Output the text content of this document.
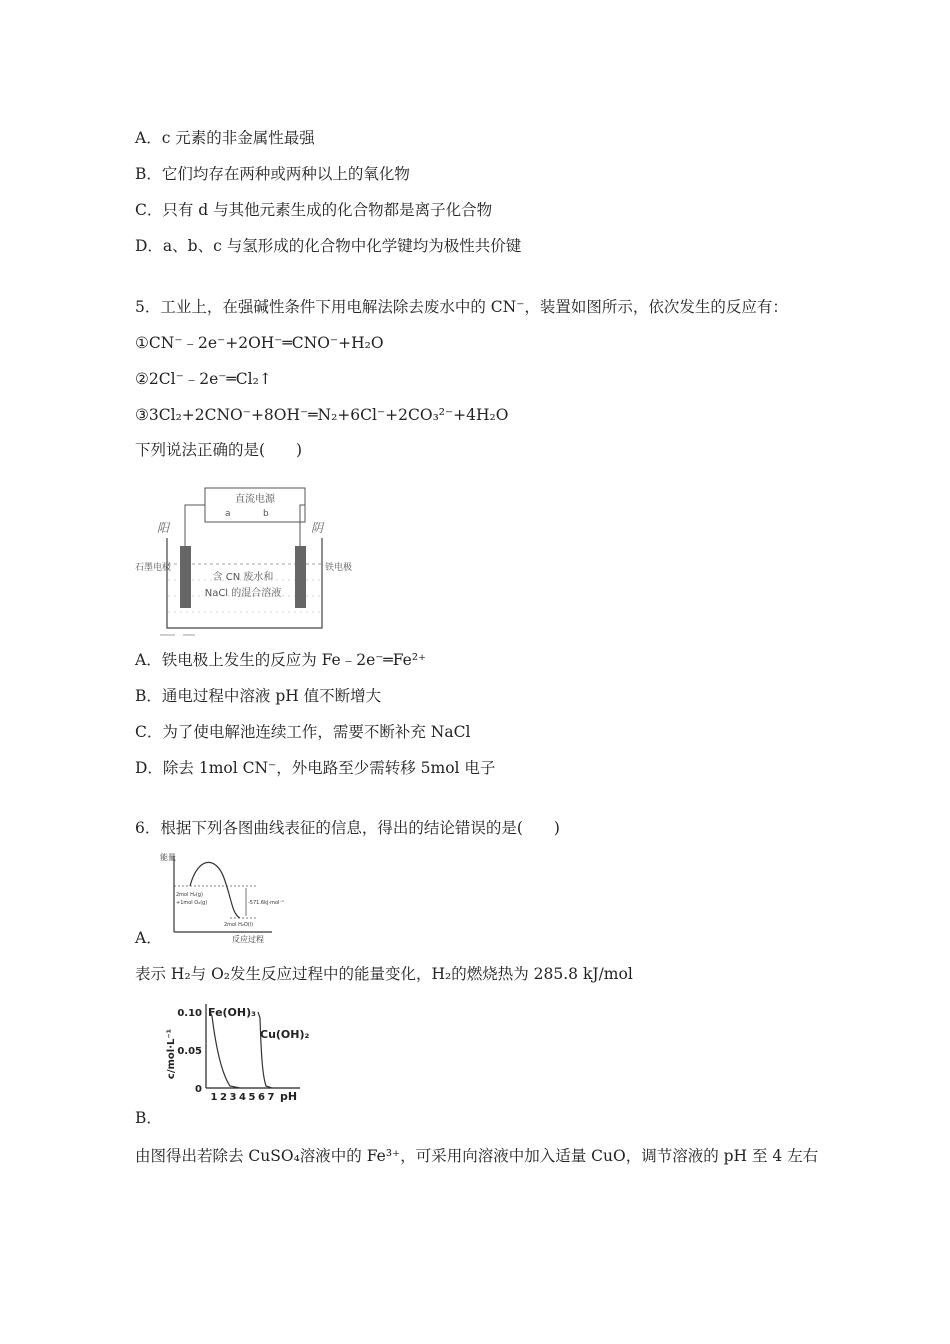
A．c 元素的非金属性最强
B．它们均存在两种或两种以上的氧化物
C．只有 d 与其他元素生成的化合物都是离子化合物
D．a、b、c 与氢形成的化合物中化学键均为极性共价键
5．工业上，在强碱性条件下用电解法除去废水中的 CN⁻，装置如图所示，依次发生的反应有：
①CN⁻﹣2e⁻+2OH⁻═CNO⁻+H₂O
②2Cl⁻﹣2e⁻═Cl₂↑
③3Cl₂+2CNO⁻+8OH⁻═N₂+6Cl⁻+2CO₃²⁻+4H₂O
下列说法正确的是(　　)
直流电源
a	b
阳	阴
石墨电极	铁电极
含 CN 废水和
NaCl 的混合溶液
A．铁电极上发生的反应为 Fe﹣2e⁻═Fe²⁺
B．通电过程中溶液 pH 值不断增大
C．为了使电解池连续工作，需要不断补充 NaCl
D．除去 1mol CN⁻，外电路至少需转移 5mol 电子
6．根据下列各图曲线表征的信息，得出的结论错误的是(　　)
能量
2mol H₂(g)
+1mol O₂(g)	-571.6kJ·mol⁻¹
2mol H₂O(l)
反应过程
A．
表示 H₂与 O₂发生反应过程中的能量变化，H₂的燃烧热为 285.8 kJ/mol
c/mol·L⁻¹
0.10
0.05
0
1 2 3 4 5 6 7
Fe(OH)₃
Cu(OH)₂
pH
B．
由图得出若除去 CuSO₄溶液中的 Fe³⁺，可采用向溶液中加入适量 CuO，调节溶液的 pH 至 4 左右
